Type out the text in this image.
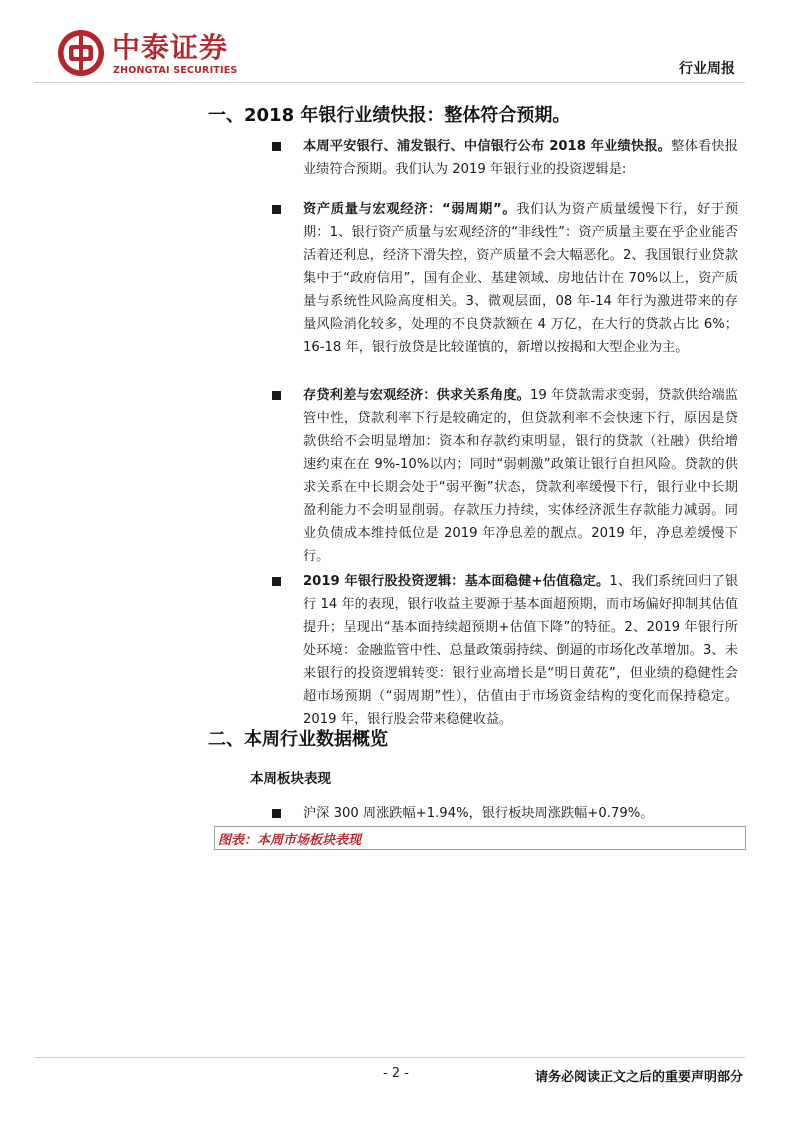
中泰证券
ZHONGTAI SECURITIES	行业周报
一、2018 年银行业绩快报：整体符合预期。
本周平安银行、浦发银行、中信银行公布 2018 年业绩快报。整体看快报业绩符合预期。我们认为 2019 年银行业的投资逻辑是:
资产质量与宏观经济：“弱周期”。我们认为资产质量缓慢下行，好于预期：1、银行资产质量与宏观经济的“非线性”：资产质量主要在乎企业能否活着还利息，经济下滑失控，资产质量不会大幅恶化。2、我国银行业贷款集中于“政府信用”，国有企业、基建领域、房地估计在 70%以上，资产质量与系统性风险高度相关。3、微观层面，08 年-14 年行为激进带来的存量风险消化较多，处理的不良贷款额在 4 万亿，在大行的贷款占比 6%；16-18 年，银行放贷是比较谨慎的，新增以按揭和大型企业为主。
存贷利差与宏观经济：供求关系角度。19 年贷款需求变弱，贷款供给端监管中性，贷款利率下行是较确定的，但贷款利率不会快速下行，原因是贷款供给不会明显增加：资本和存款约束明显，银行的贷款（社融）供给增速约束在在 9%-10%以内；同时“弱刺激”政策让银行自担风险。贷款的供求关系在中长期会处于“弱平衡”状态，贷款利率缓慢下行，银行业中长期盈利能力不会明显削弱。存款压力持续，实体经济派生存款能力减弱。同业负债成本维持低位是 2019 年净息差的靓点。2019 年，净息差缓慢下行。
2019 年银行股投资逻辑：基本面稳健+估值稳定。1、我们系统回归了银行 14 年的表现，银行收益主要源于基本面超预期，而市场偏好抑制其估值提升；呈现出“基本面持续超预期+估值下降”的特征。2、2019 年银行所处环境：金融监管中性、总量政策弱持续、倒逼的市场化改革增加。3、未来银行的投资逻辑转变：银行业高增长是“明日黄花”，但业绩的稳健性会超市场预期（“弱周期”性），估值由于市场资金结构的变化而保持稳定。2019 年，银行股会带来稳健收益。
二、本周行业数据概览
本周板块表现
沪深 300 周涨跌幅+1.94%，银行板块周涨跌幅+0.79%。
图表：本周市场板块表现
- 2 -	请务必阅读正文之后的重要声明部分
